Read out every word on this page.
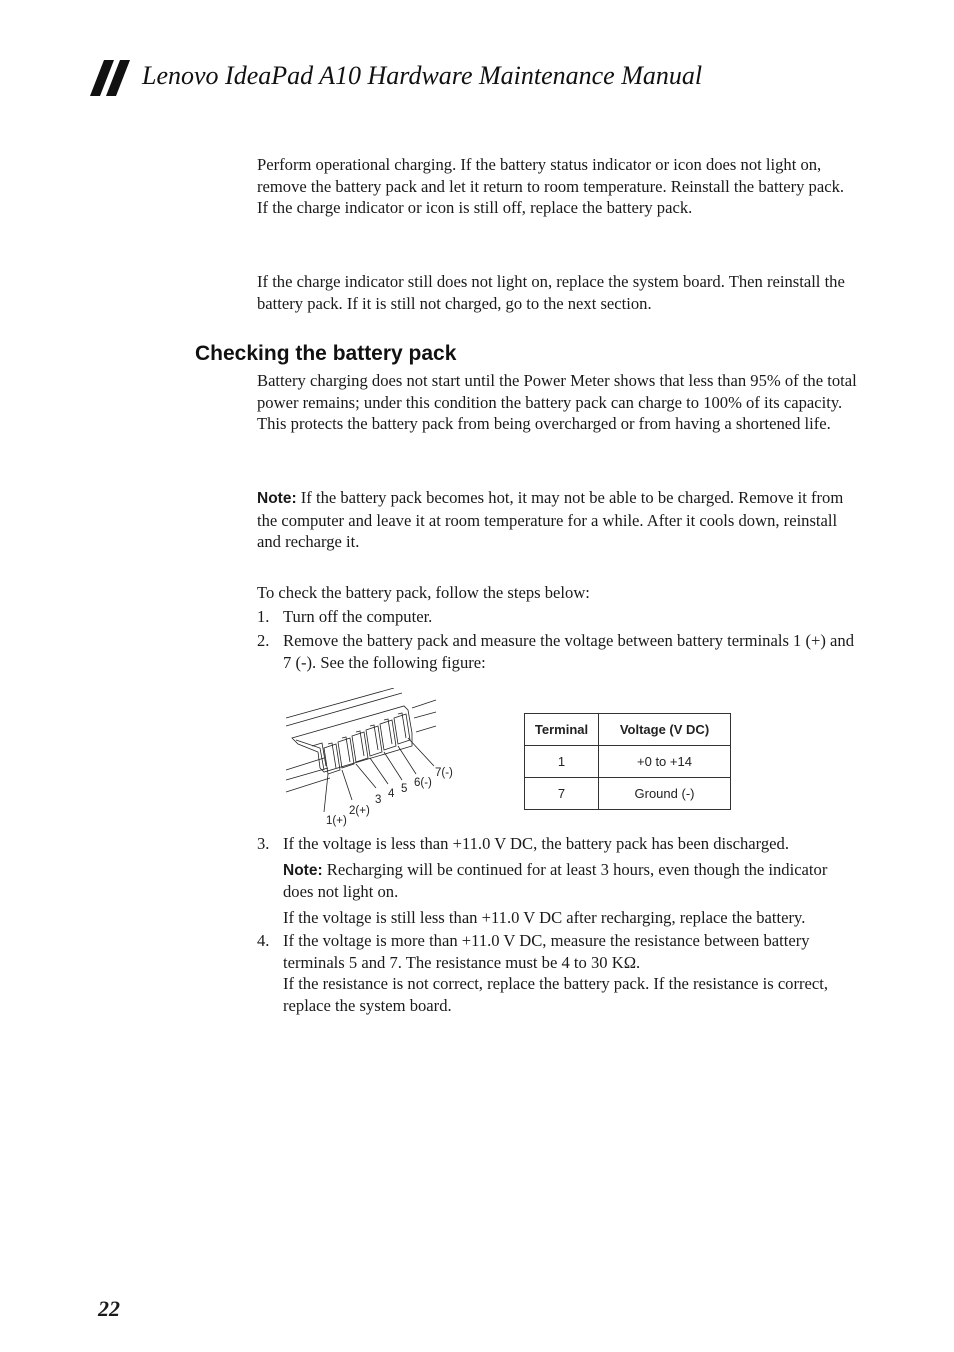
Lenovo IdeaPad A10 Hardware Maintenance Manual

Perform operational charging. If the battery status indicator or icon does not light on, remove the battery pack and let it return to room temperature. Reinstall the battery pack. If the charge indicator or icon is still off, replace the battery pack.

If the charge indicator still does not light on, replace the system board. Then reinstall the battery pack. If it is still not charged, go to the next section.

Checking the battery pack

Battery charging does not start until the Power Meter shows that less than 95% of the total power remains; under this condition the battery pack can charge to 100% of its capacity. This protects the battery pack from being overcharged or from having a shortened life.

Note: If the battery pack becomes hot, it may not be able to be charged. Remove it from the computer and leave it at room temperature for a while. After it cools down, reinstall and recharge it.

To check the battery pack, follow the steps below:

1. Turn off the computer.
2. Remove the battery pack and measure the voltage between battery terminals 1 (+) and 7 (-). See the following figure:
1(+)
2(+)
3 4 5 6(-)
7(-)
Terminal	Voltage (V DC)
1	+0 to +14
7	Ground (-)
3. If the voltage is less than +11.0 V DC, the battery pack has been discharged.

Note: Recharging will be continued for at least 3 hours, even though the indicator does not light on.

If the voltage is still less than +11.0 V DC after recharging, replace the battery.

4. If the voltage is more than +11.0 V DC, measure the resistance between battery terminals 5 and 7. The resistance must be 4 to 30 KΩ.

If the resistance is not correct, replace the battery pack. If the resistance is correct, replace the system board.

22
